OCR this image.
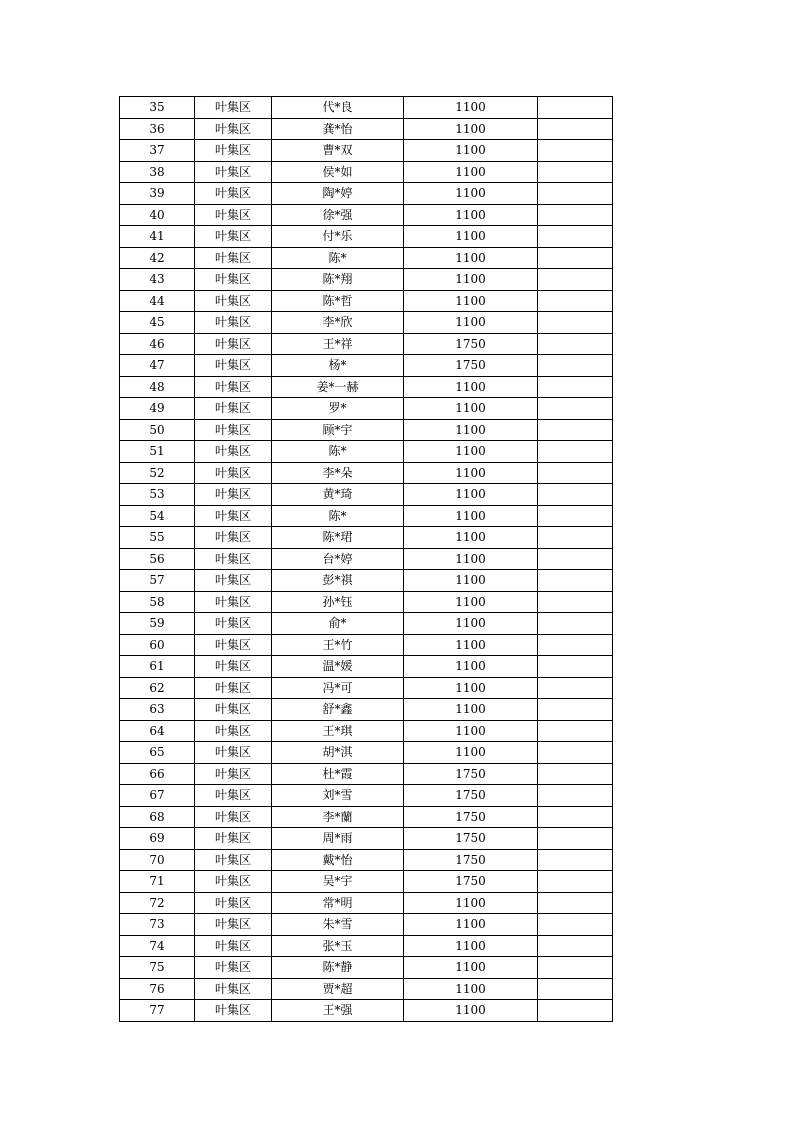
35	叶集区	代*良	1100	
36	叶集区	龚*怡	1100	
37	叶集区	曹*双	1100	
38	叶集区	侯*如	1100	
39	叶集区	陶*婷	1100	
40	叶集区	徐*强	1100	
41	叶集区	付*乐	1100	
42	叶集区	陈*	1100	
43	叶集区	陈*翔	1100	
44	叶集区	陈*哲	1100	
45	叶集区	李*欣	1100	
46	叶集区	王*祥	1750	
47	叶集区	杨*	1750	
48	叶集区	姜*一赫	1100	
49	叶集区	罗*	1100	
50	叶集区	顾*宇	1100	
51	叶集区	陈*	1100	
52	叶集区	李*朵	1100	
53	叶集区	黄*琦	1100	
54	叶集区	陈*	1100	
55	叶集区	陈*珺	1100	
56	叶集区	台*婷	1100	
57	叶集区	彭*祺	1100	
58	叶集区	孙*钰	1100	
59	叶集区	俞*	1100	
60	叶集区	王*竹	1100	
61	叶集区	温*媛	1100	
62	叶集区	冯*可	1100	
63	叶集区	舒*鑫	1100	
64	叶集区	王*琪	1100	
65	叶集区	胡*淇	1100	
66	叶集区	杜*霞	1750	
67	叶集区	刘*雪	1750	
68	叶集区	李*蘭	1750	
69	叶集区	周*雨	1750	
70	叶集区	戴*怡	1750	
71	叶集区	吴*宇	1750	
72	叶集区	常*明	1100	
73	叶集区	朱*雪	1100	
74	叶集区	张*玉	1100	
75	叶集区	陈*静	1100	
76	叶集区	贾*超	1100	
77	叶集区	王*强	1100	
